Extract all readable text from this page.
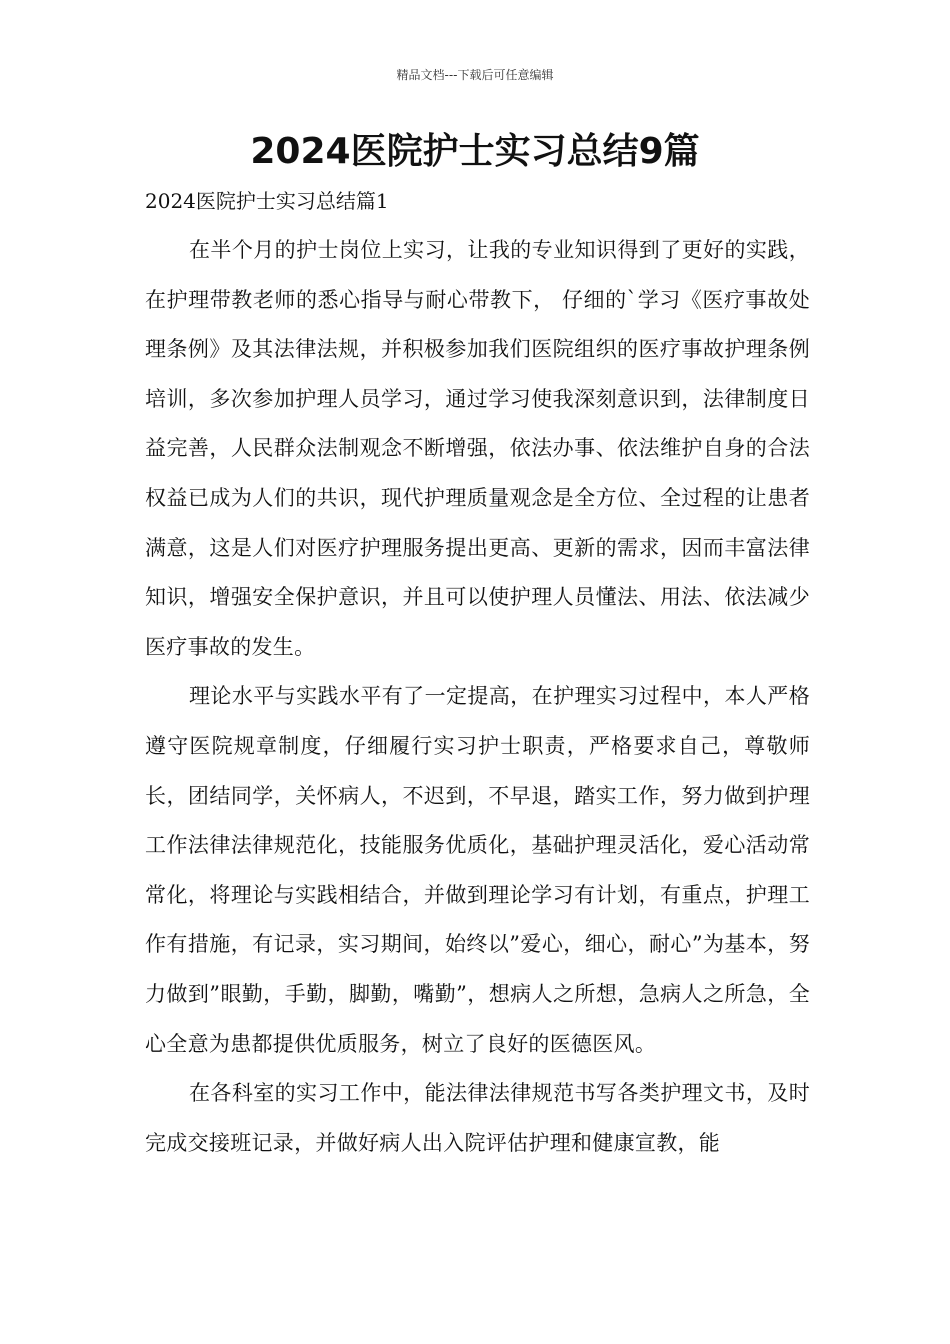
精品文档---下载后可任意编辑
2024医院护士实习总结9篇
2024医院护士实习总结篇1

在半个月的护士岗位上实习，让我的专业知识得到了更好的实践，在护理带教老师的悉心指导与耐心带教下， 仔细的`学习《医疗事故处理条例》及其法律法规，并积极参加我们医院组织的医疗事故护理条例培训，多次参加护理人员学习，通过学习使我深刻意识到，法律制度日益完善，人民群众法制观念不断增强，依法办事、依法维护自身的合法权益已成为人们的共识，现代护理质量观念是全方位、全过程的让患者满意，这是人们对医疗护理服务提出更高、更新的需求，因而丰富法律知识，增强安全保护意识，并且可以使护理人员懂法、用法、依法减少医疗事故的发生。

理论水平与实践水平有了一定提高，在护理实习过程中，本人严格遵守医院规章制度，仔细履行实习护士职责，严格要求自己，尊敬师长，团结同学，关怀病人，不迟到，不早退，踏实工作，努力做到护理工作法律法律规范化，技能服务优质化，基础护理灵活化，爱心活动常常化，将理论与实践相结合，并做到理论学习有计划，有重点，护理工作有措施，有记录，实习期间，始终以”爱心，细心，耐心”为基本，努力做到”眼勤，手勤，脚勤，嘴勤”，想病人之所想，急病人之所急，全心全意为患都提供优质服务，树立了良好的医德医风。

在各科室的实习工作中，能法律法律规范书写各类护理文书，及时完成交接班记录，并做好病人出入院评估护理和健康宣教，能
